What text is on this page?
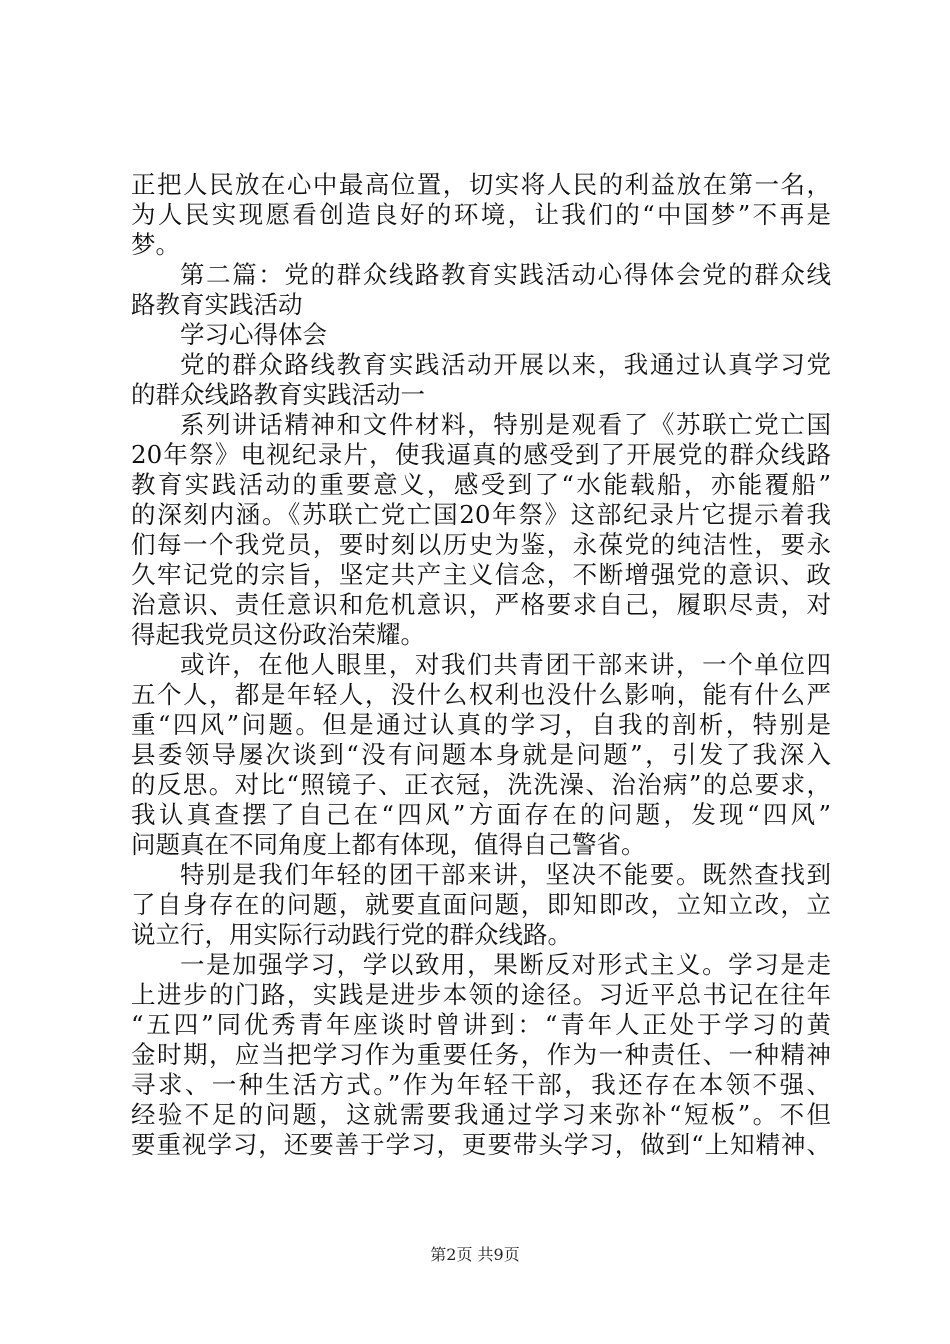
正把人民放在心中最高位置，切实将人民的利益放在第一名，
为人民实现愿看创造良好的环境，让我们的“中国梦”不再是
梦。
第二篇：党的群众线路教育实践活动心得体会党的群众线
路教育实践活动
学习心得体会
党的群众路线教育实践活动开展以来，我通过认真学习党
的群众线路教育实践活动一
系列讲话精神和文件材料，特别是观看了《苏联亡党亡国
20年祭》电视纪录片，使我逼真的感受到了开展党的群众线路
教育实践活动的重要意义，感受到了“水能载船，亦能覆船”
的深刻内涵。《苏联亡党亡国20年祭》这部纪录片它提示着我
们每一个我党员，要时刻以历史为鉴，永葆党的纯洁性，要永
久牢记党的宗旨，坚定共产主义信念，不断增强党的意识、政
治意识、责任意识和危机意识，严格要求自己，履职尽责，对
得起我党员这份政治荣耀。
或许，在他人眼里，对我们共青团干部来讲，一个单位四
五个人，都是年轻人，没什么权利也没什么影响，能有什么严
重“四风”问题。但是通过认真的学习，自我的剖析，特别是
县委领导屡次谈到“没有问题本身就是问题”，引发了我深入
的反思。对比“照镜子、正衣冠，洗洗澡、治治病”的总要求，
我认真查摆了自己在“四风”方面存在的问题，发现“四风”
问题真在不同角度上都有体现，值得自己警省。
特别是我们年轻的团干部来讲，坚决不能要。既然查找到
了自身存在的问题，就要直面问题，即知即改，立知立改，立
说立行，用实际行动践行党的群众线路。
一是加强学习，学以致用，果断反对形式主义。学习是走
上进步的门路，实践是进步本领的途径。习近平总书记在往年
“五四”同优秀青年座谈时曾讲到：“青年人正处于学习的黄
金时期，应当把学习作为重要任务，作为一种责任、一种精神
寻求、一种生活方式。”作为年轻干部，我还存在本领不强、
经验不足的问题，这就需要我通过学习来弥补“短板”。不但
要重视学习，还要善于学习，更要带头学习，做到“上知精神、
第2页 共9页
